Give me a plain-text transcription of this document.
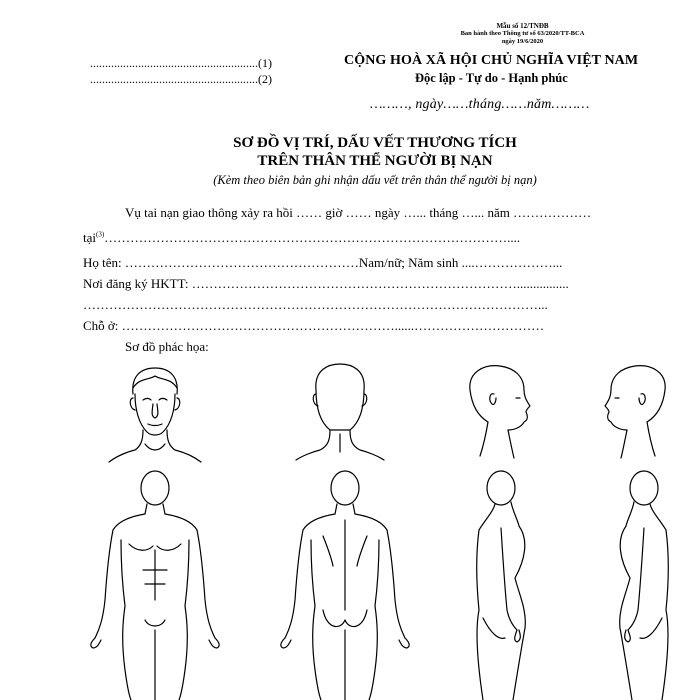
Mẫu số 12/TNĐB
Ban hành theo Thông tư số 63/2020/TT-BCA
ngày 19/6/2020
........................................................(1)
........................................................(2)
CỘNG HOÀ XÃ HỘI CHỦ NGHĨA VIỆT NAM
Độc lập - Tự do - Hạnh phúc
………, ngày……tháng……năm………
SƠ ĐỒ VỊ TRÍ, DẤU VẾT THƯƠNG TÍCH
TRÊN THÂN THỂ NGƯỜI BỊ NẠN
(Kèm theo biên bản ghi nhận dấu vết trên thân thể người bị nạn)
Vụ tai nạn giao thông xảy ra hồi …… giờ …… ngày …... tháng …... năm ………………
tại$^{(3)}$…………………………………………………………………………………....
Họ tên: ………………………………………………Nam/nữ; Năm sinh ....………………...
Nơi đăng ký HKTT: …………………………………………………………………................
……………………………………………………………………………………………...
Chỗ ở: ………………………………………………………......…………………………
Sơ đồ phác họa:
